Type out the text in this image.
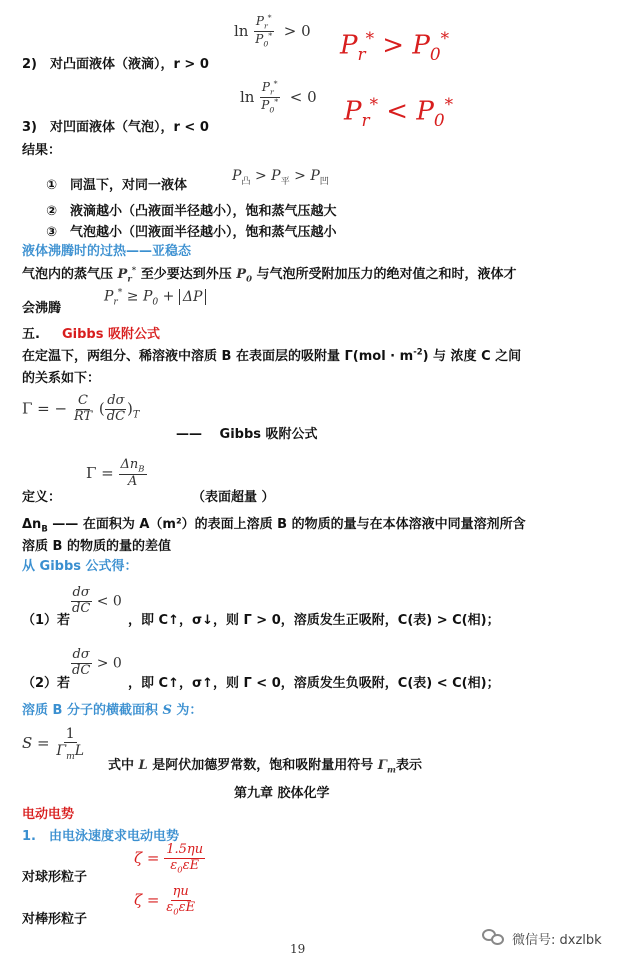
$\ln \frac{P_r^*}{P_0^*} > 0$ $P_r^* > P_0^*$
2)　对凸面液体（液滴），r > 0
$\ln \frac{P_r^*}{P_0^*} < 0$ $P_r^* < P_0^*$
3)　对凹面液体（气泡），r < 0
结果：
①　同温下，对同一液体
$P_凸 > P_平 > P_凹$
②　液滴越小（凸液面半径越小），饱和蒸气压越大
③　气泡越小（凹液面半径越小），饱和蒸气压越小
液体沸腾时的过热——亚稳态
气泡内的蒸气压 $P_r^*$ 至少要达到外压 $P_0$ 与气泡所受附加压力的绝对值之和时，液体才
会沸腾
$P_r^* \ge P_0 + \Delta P$
五. Gibbs 吸附公式
在定温下，两组分、稀溶液中溶质 B 在表面层的吸附量 $\Gamma(mol \cdot m^{-2})$ 与 浓度 C 之间
的关系如下：
Γ = − $\frac{C}{RT}$ ( $\frac{d\sigma}{dC} )_T$
——　 Gibbs 吸附公式
$\Gamma = \frac{\Delta n_B}{A}$
定义：	（表面超量 ）
$\Delta n_B$ —— 在面积为 A（m²）的表面上溶质 B 的物质的量与在本体溶液中同量溶剂所含
溶质 B 的物质的量的差值
从 Gibbs 公式得：
$\frac{d\sigma}{dC} < 0$
（1）若	，即 C↑，σ↓，则 Γ > 0，溶质发生正吸附，C(表) > C(相)；
$\frac{d\sigma}{dC} > 0$
（2）若	，即 C↑，σ↑，则 Γ < 0，溶质发生负吸附，C(表) < C(相)；
溶质 B 分子的横截面积 S 为：
$S = \frac{1}{\Gamma_mL}$
式中 L 是阿伏加德罗常数，饱和吸附量用符号 $\Gamma_m$表示
第九章 胶体化学
电动电势
1.　由电泳速度求电动电势
$\zeta = \frac{1.5\eta u}{\varepsilon_0\varepsilon E}$
对球形粒子
$\zeta = \frac{\eta u}{\varepsilon_0\varepsilon E}$
对棒形粒子
19
微信号: dxzlbk
